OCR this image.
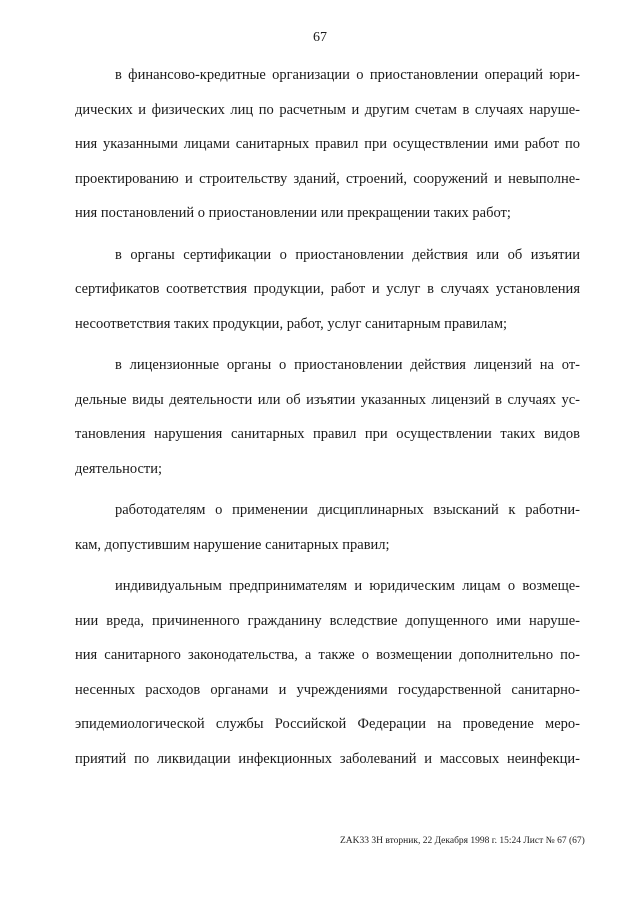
67
в финансово-кредитные организации о приостановлении операций юри-
дических и физических лиц по расчетным и другим счетам в случаях наруше-
ния указанными лицами санитарных правил при осуществлении ими работ по
проектированию и строительству зданий, строений, сооружений и невыполне-
ния постановлений о приостановлении или прекращении таких работ;
в органы сертификации о приостановлении действия или об изъятии
сертификатов соответствия продукции, работ и услуг в случаях установления
несоответствия таких продукции, работ, услуг санитарным правилам;
в лицензионные органы о приостановлении действия лицензий на от-
дельные виды деятельности или об изъятии указанных лицензий в случаях ус-
тановления нарушения санитарных правил при осуществлении таких видов
деятельности;
работодателям о применении дисциплинарных взысканий к работни-
кам, допустившим нарушение санитарных правил;
индивидуальным предпринимателям и юридическим лицам о возмеще-
нии вреда, причиненного гражданину вследствие допущенного ими наруше-
ния санитарного законодательства, а также о возмещении дополнительно по-
несенных расходов органами и учреждениями государственной санитарно-
эпидемиологической службы Российской Федерации на проведение меро-
приятий по ликвидации инфекционных заболеваний и массовых неинфекци-
ZAK33 3H вторник, 22 Декабря 1998 г. 15:24 Лист № 67 (67)
